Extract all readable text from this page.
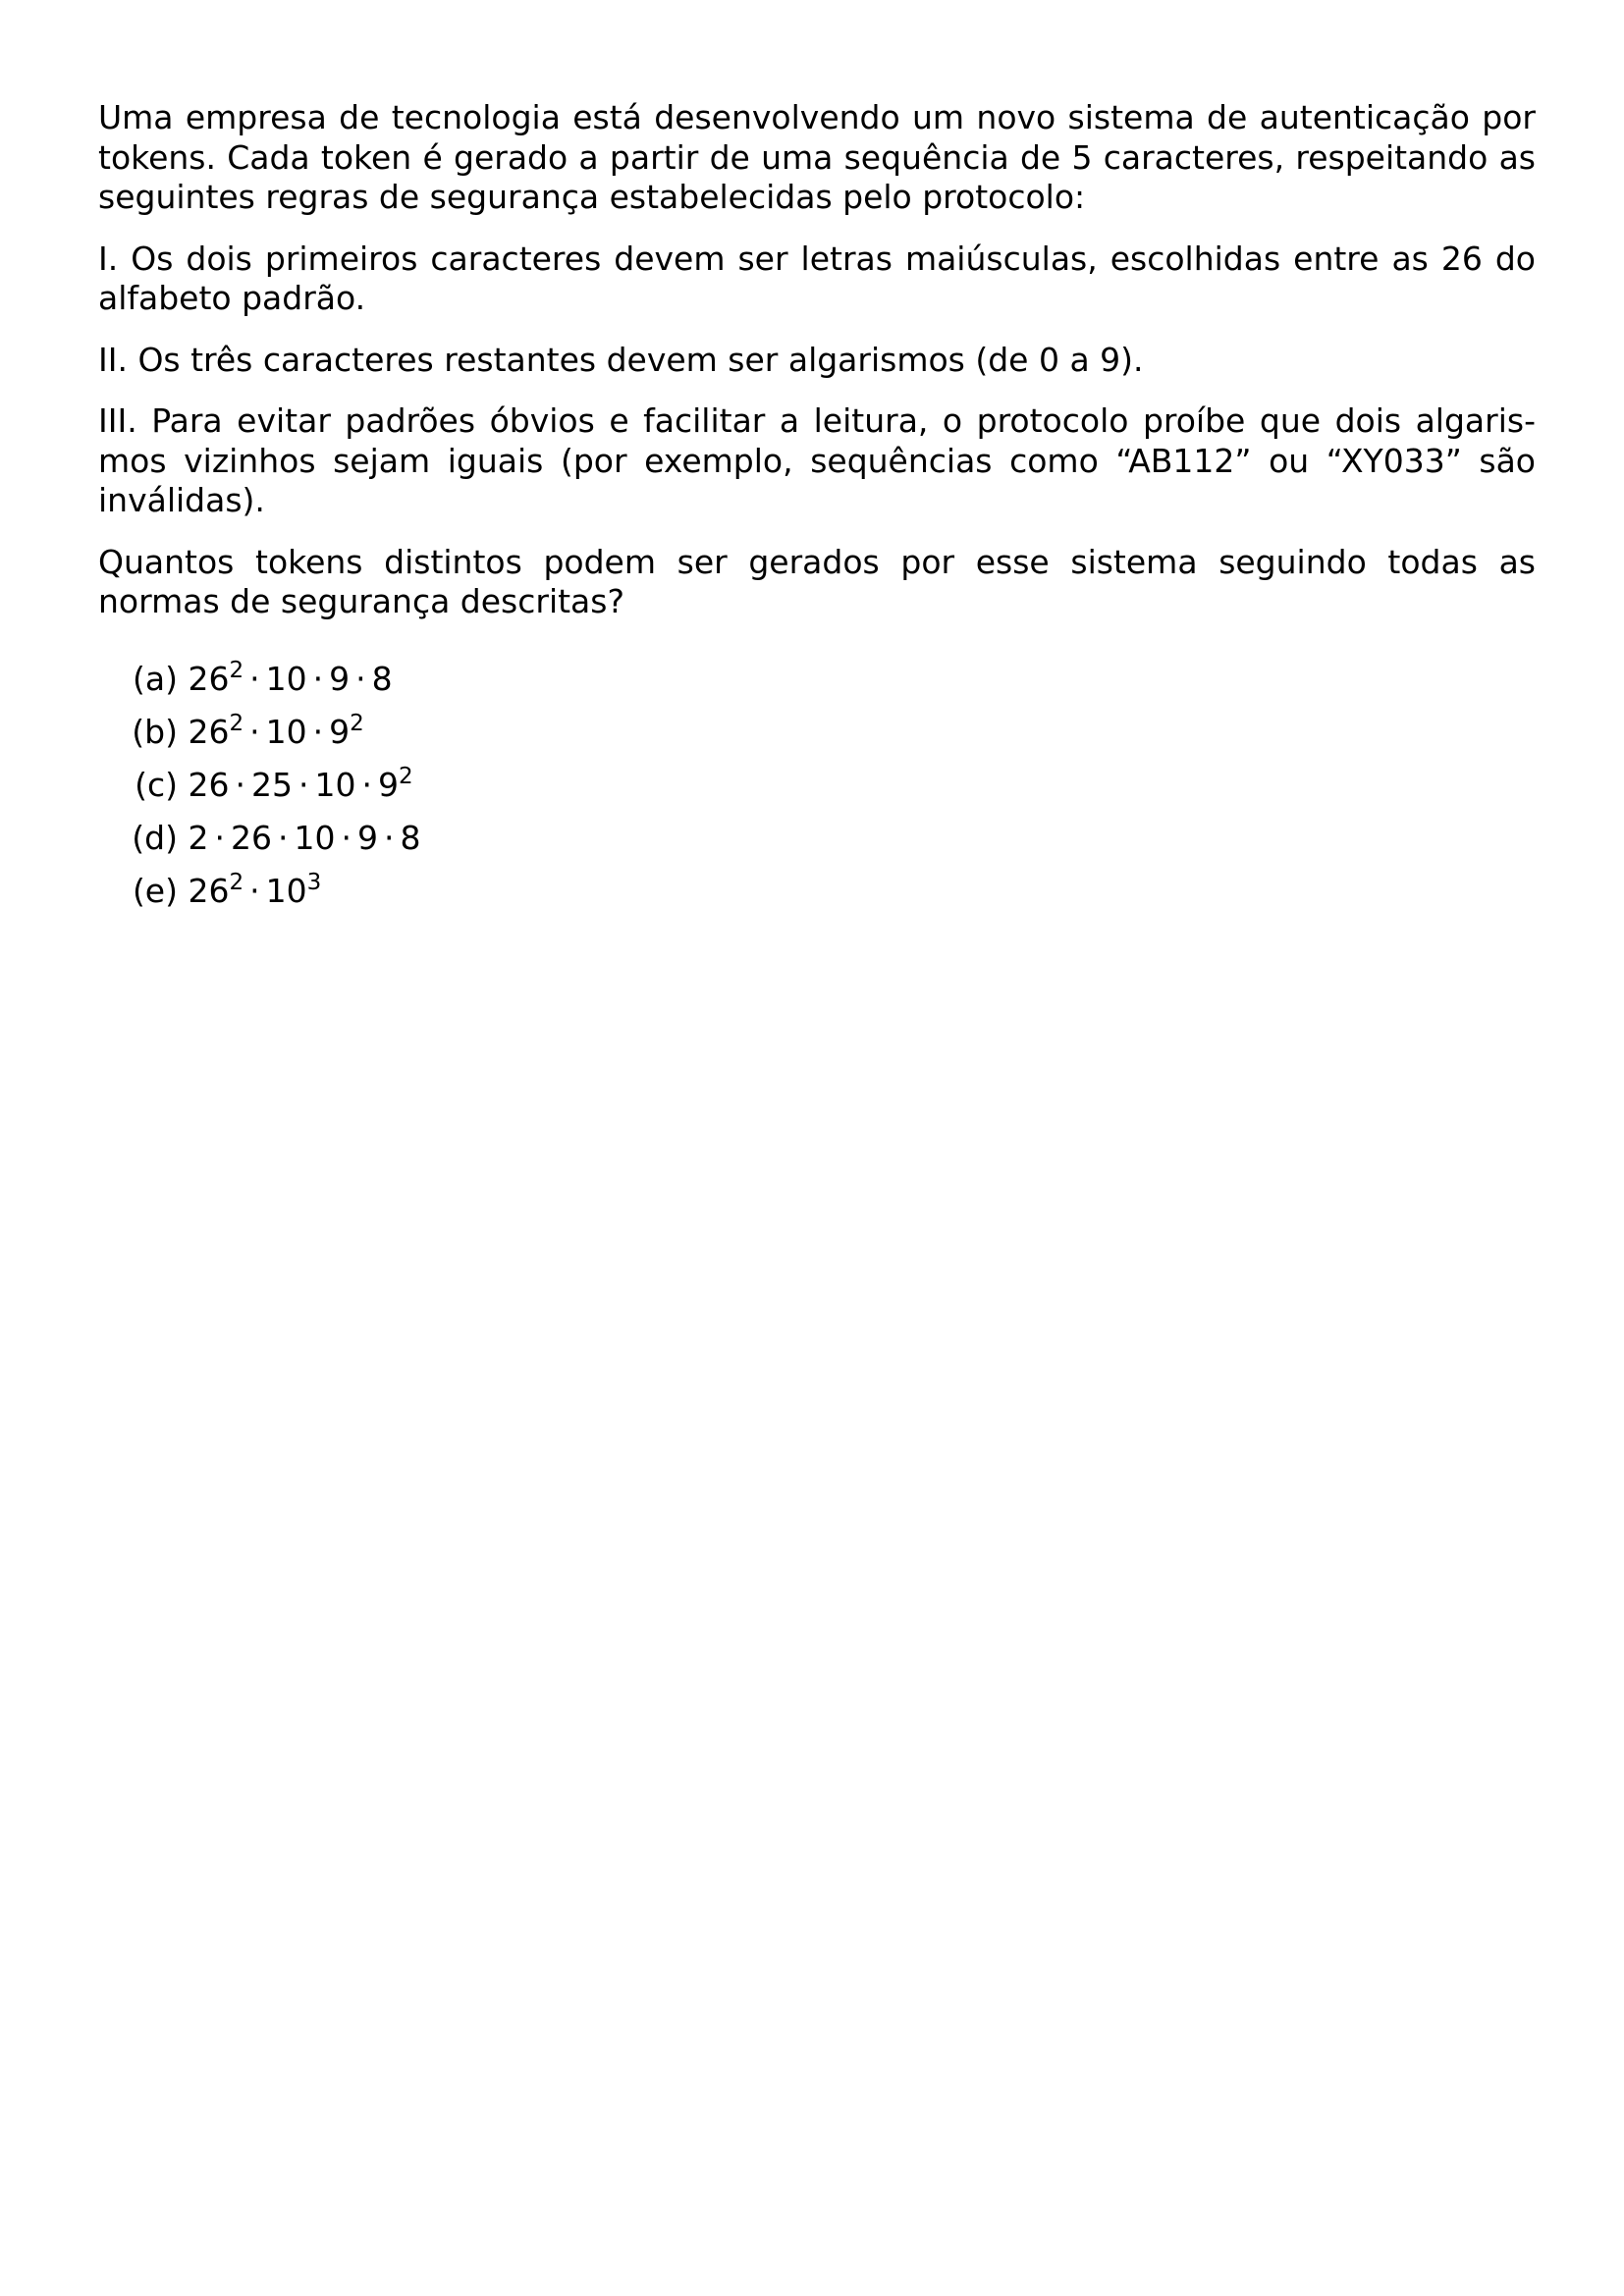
Uma empresa de tecnologia está desenvolvendo um novo sistema de autenticação por tokens. Cada token é gerado a partir de uma sequência de 5 caracteres, respeitando as seguintes regras de segurança estabelecidas pelo protocolo:

I. Os dois primeiros caracteres devem ser letras maiúsculas, escolhidas entre as 26 do alfabeto padrão.

II. Os três caracteres restantes devem ser algarismos (de 0 a 9).

III. Para evitar padrões óbvios e facilitar a leitura, o protocolo proíbe que dois algarismos vizinhos sejam iguais (por exemplo, sequências como “AB112” ou “XY033” são inválidas).

Quantos tokens distintos podem ser gerados por esse sistema seguindo todas as normas de segurança descritas?

(a) $26^2 \cdot 10 \cdot 9 \cdot 8$
(b) $26^2 \cdot 10 \cdot 9^2$
(c) $26 \cdot 25 \cdot 10 \cdot 9^2$
(d) 2 · 26 · 10 · 9 · 8
(e) $26^2 \cdot 10^3$
